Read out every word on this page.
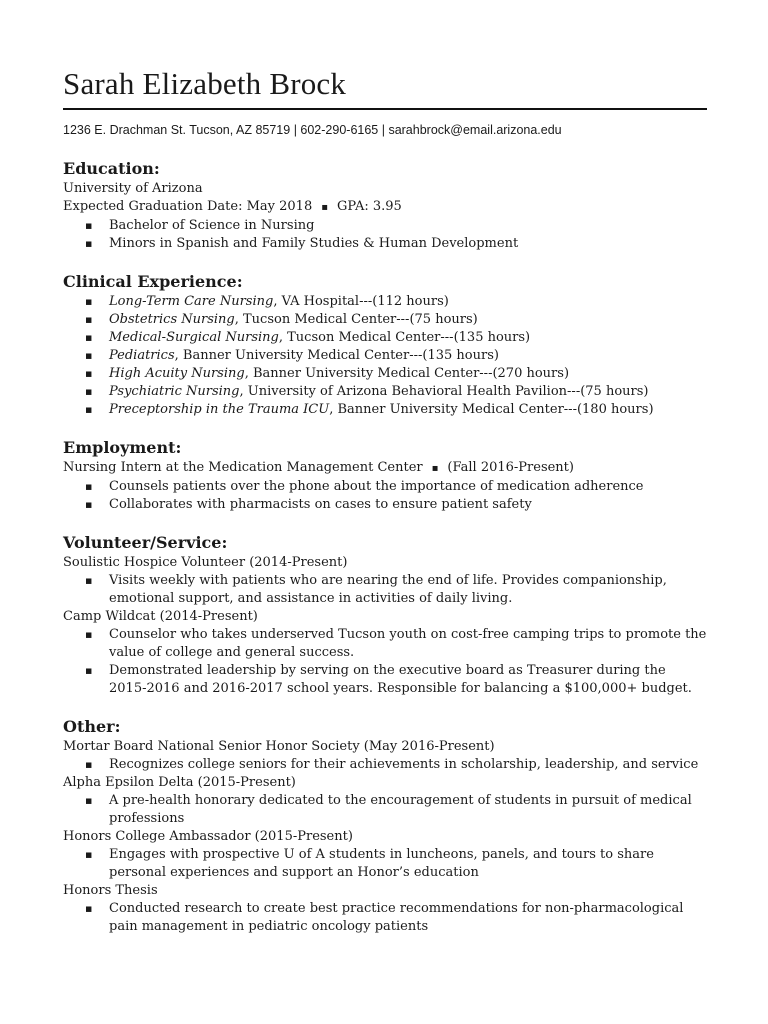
Sarah Elizabeth Brock
1236 E. Drachman St. Tucson, AZ 85719 | 602-290-6165 | sarahbrock@email.arizona.edu
Education:

University of Arizona

Expected Graduation Date: May 2018 ▪ GPA: 3.95

▪ Bachelor of Science in Nursing
▪ Minors in Spanish and Family Studies & Human Development
Clinical Experience:
▪ Long-Term Care Nursing, VA Hospital---(112 hours)
▪ Obstetrics Nursing, Tucson Medical Center---(75 hours)
▪ Medical-Surgical Nursing, Tucson Medical Center---(135 hours)
▪ Pediatrics, Banner University Medical Center---(135 hours)
▪ High Acuity Nursing, Banner University Medical Center---(270 hours)
▪ Psychiatric Nursing, University of Arizona Behavioral Health Pavilion---(75 hours)
▪ Preceptorship in the Trauma ICU, Banner University Medical Center---(180 hours)
Employment:

Nursing Intern at the Medication Management Center ▪ (Fall 2016-Present)

▪ Counsels patients over the phone about the importance of medication adherence
▪ Collaborates with pharmacists on cases to ensure patient safety
Volunteer/Service:

Soulistic Hospice Volunteer (2014-Present)

▪ Visits weekly with patients who are nearing the end of life. Provides companionship, emotional support, and assistance in activities of daily living.

Camp Wildcat (2014-Present)

▪ Counselor who takes underserved Tucson youth on cost-free camping trips to promote the value of college and general success.
▪ Demonstrated leadership by serving on the executive board as Treasurer during the 2015-2016 and 2016-2017 school years. Responsible for balancing a $100,000+ budget.
Other:

Mortar Board National Senior Honor Society (May 2016-Present)

▪ Recognizes college seniors for their achievements in scholarship, leadership, and service

Alpha Epsilon Delta (2015-Present)

▪ A pre-health honorary dedicated to the encouragement of students in pursuit of medical professions

Honors College Ambassador (2015-Present)

▪ Engages with prospective U of A students in luncheons, panels, and tours to share personal experiences and support an Honor’s education

Honors Thesis

▪ Conducted research to create best practice recommendations for non-pharmacological pain management in pediatric oncology patients
